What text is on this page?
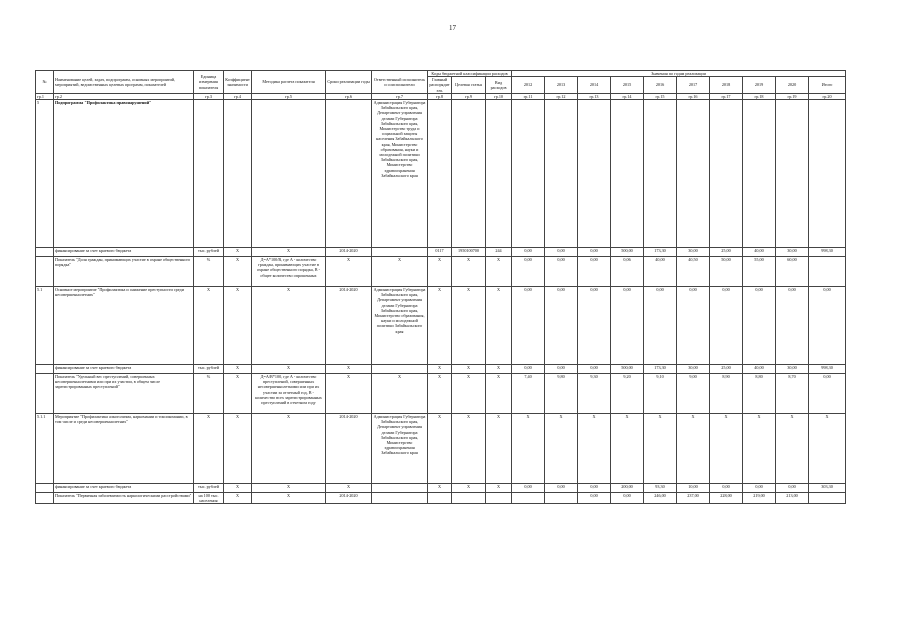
17
№	Наименование целей, задач, подпрограмм, основных мероприятий, мероприятий, ведомственных целевых программ, показателей	Единица измерения показателя	Коэффициент значимости	Методика расчета показателя	Сроки реализации годы	Ответственный исполнитель и соисполнители	Коды бюджетной классификации расходов			Значения по годам реализации									
							Главный распорядитель	Целевая статья	Вид расходов	2012	2013	2014	2015	2016	2017	2018	2019	2020	Итого
гр.1	гр.2	гр.3	гр.4	гр.5	гр.6	гр.7	гр.8	гр.9	гр.10	гр.11	гр.12	гр.13	гр.14	гр.15	гр.16	гр.17	гр.18	гр.19	гр.20
5	Подпрограмма "Профилактика правонарушений"					Администрация Губернатора Забайкальского края, Департамент управления делами Губернатора Забайкальского края, Министерство труда и социальной защиты населения Забайкальского края, Министерство образования, науки и молодежной политики Забайкальского края, Министерство здравоохранения Забайкальского края													
	финансирование за счет краевого бюджета	тыс. рублей	X	X	2014-2020		0117	1950100700	244	0,00	0,00	0,00	500,00	173,30	30,00	25,00	40,00	30,00	998,30
	Показатель "Доля граждан, принимающих участие в охране общественного порядка"	%	X	Д=А*100/В, где А - количество граждан, принимающих участие в охране общественного порядка, В - общее количество опрошенных	X	X	X	X	X	0,00	0,00	0,00	0,06	40,00	40,50	50,00	55,00	60,00	
5.1	Основное мероприятие "Профилактика и снижение преступности среди несовершеннолетних"	X	X	X	2014-2020	Администрация Губернатора Забайкальского края, Департамент управления делами Губернатора Забайкальского края, Министерство образования, науки и молодежной политики Забайкальского края	X	X	X	0,00	0,00	0,00	0,00	0,00	0,00	0,00	0,00	0,00	0,00
	финансирование за счет краевого бюджета	тыс. рублей	X	X	X		X	X	X	0,00	0,00	0,00	500,00	173,30	30,00	25,00	40,00	30,00	998,30
	Показатель "Удельный вес преступлений, совершенных несовершеннолетними или при их участии, в общем числе зарегистрированных преступлений"	%	X	Д=А/В*100, где А - количество преступлений, совершенных несовершеннолетними или при их участии за отчетный год, В - количество всех зарегистрированных преступлений в отчетном году	X	X	X	X	X	7,40	9,80	9,30	9,20	9,10	9,00	8,90	8,80	8,70	0,00
5.1.1	Мероприятие "Профилактика алкоголизма, наркомании и токсикомании, в том числе и среди несовершеннолетних"	X	X	X	2014-2020	Администрация Губернатора Забайкальского края, Департамент управления делами Губернатора Забайкальского края, Министерство здравоохранения Забайкальского края	X	X	X	X	X	X	X	X	X	X	X	X	X
	финансирование за счет краевого бюджета	тыс. рублей	X	X	X		X	X	X	0,00	0,00	0,00	200,00	93,30	10,00	0,00	0,00	0,00	303,30
	Показатель "Первичная заболеваемость наркологическими расстройствами"	на 100 тыс. населения	X	X	2014-2020							0,00	0,00	246,00	237,00	228,00	219,00	213,00	
